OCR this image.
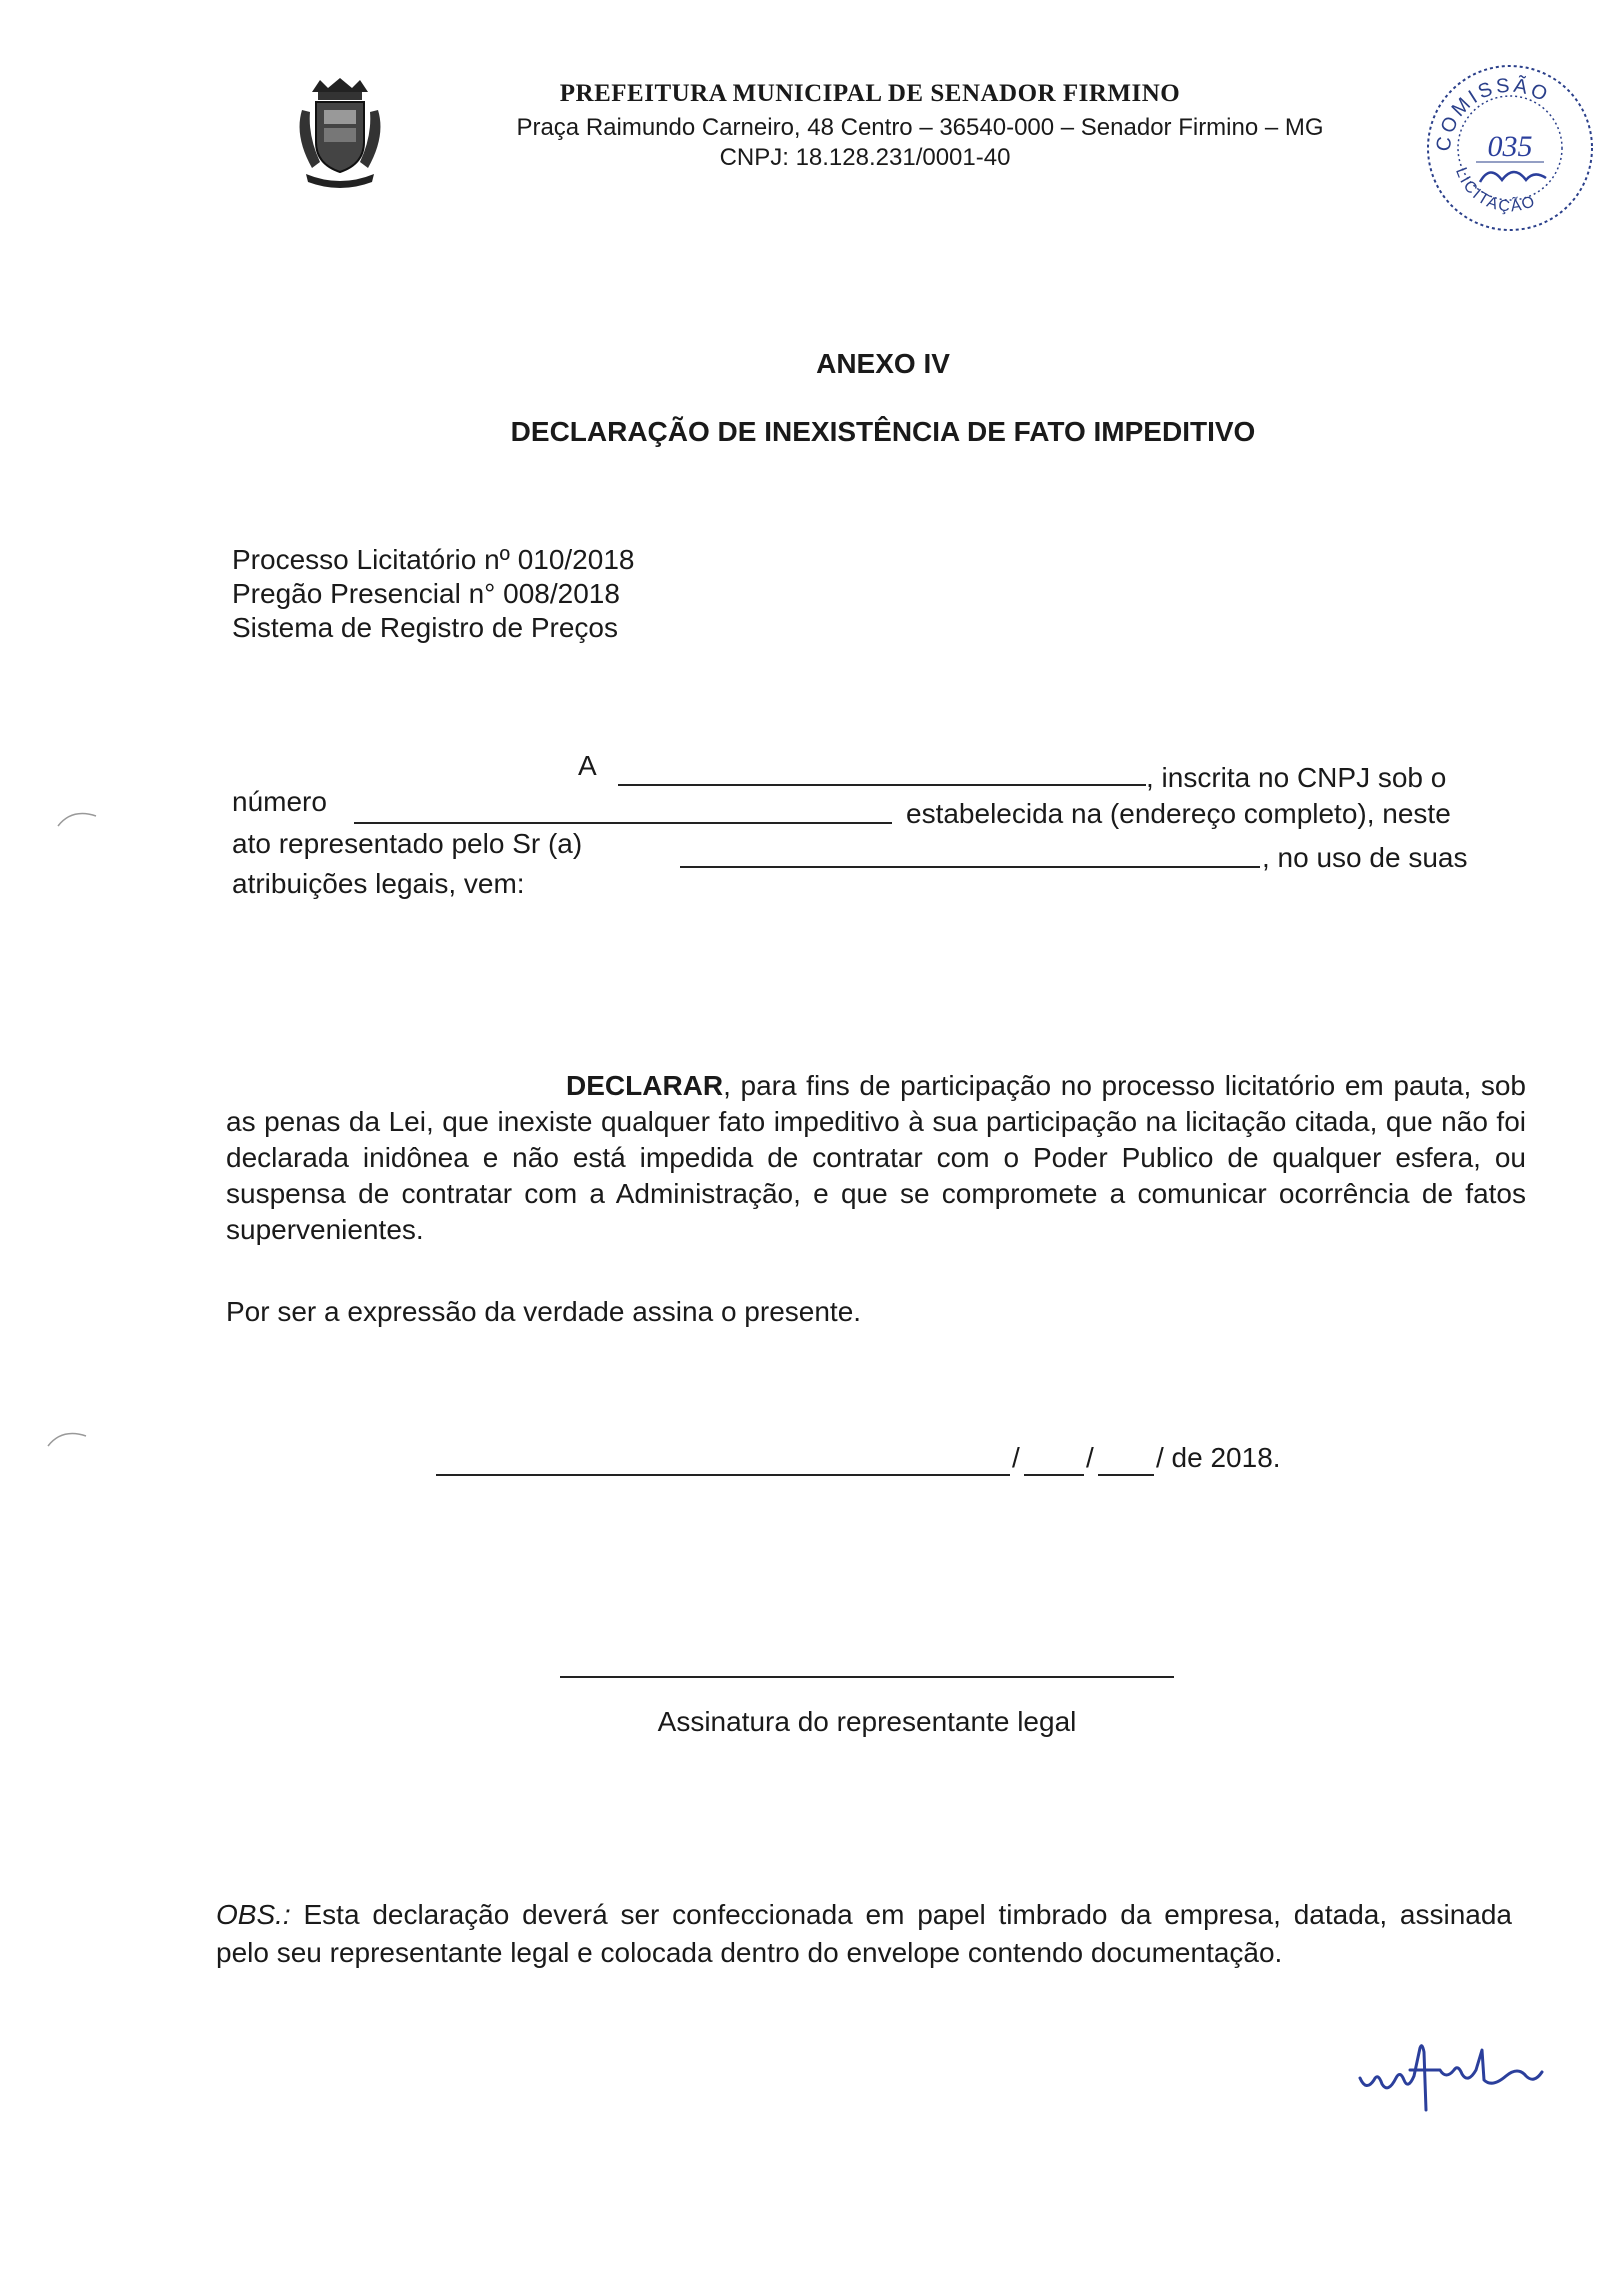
PREFEITURA MUNICIPAL DE SENADOR FIRMINO
Praça Raimundo Carneiro, 48 Centro – 36540-000 – Senador Firmino – MG
CNPJ: 18.128.231/0001-40
COMISSÃO
LICITAÇÃO
035
ANEXO IV
DECLARAÇÃO DE INEXISTÊNCIA DE FATO IMPEDITIVO
Processo Licitatório nº 010/2018
Pregão Presencial n° 008/2018
Sistema de Registro de Preços
A	, inscrita no CNPJ sob o
número	estabelecida na (endereço completo), neste
ato representado pelo Sr (a)	, no uso de suas
atribuições legais, vem:
DECLARAR, para fins de participação no processo licitatório em pauta, sob as penas da Lei, que inexiste qualquer fato impeditivo à sua participação na licitação citada, que não foi declarada inidônea e não está impedida de contratar com o Poder Publico de qualquer esfera, ou suspensa de contratar com a Administração, e que se compromete a comunicar ocorrência de fatos supervenientes.
Por ser a expressão da verdade assina o presente.
/ / / de 2018.
Assinatura do representante legal
OBS.: Esta declaração deverá ser confeccionada em papel timbrado da empresa, datada, assinada pelo seu representante legal e colocada dentro do envelope contendo documentação.
